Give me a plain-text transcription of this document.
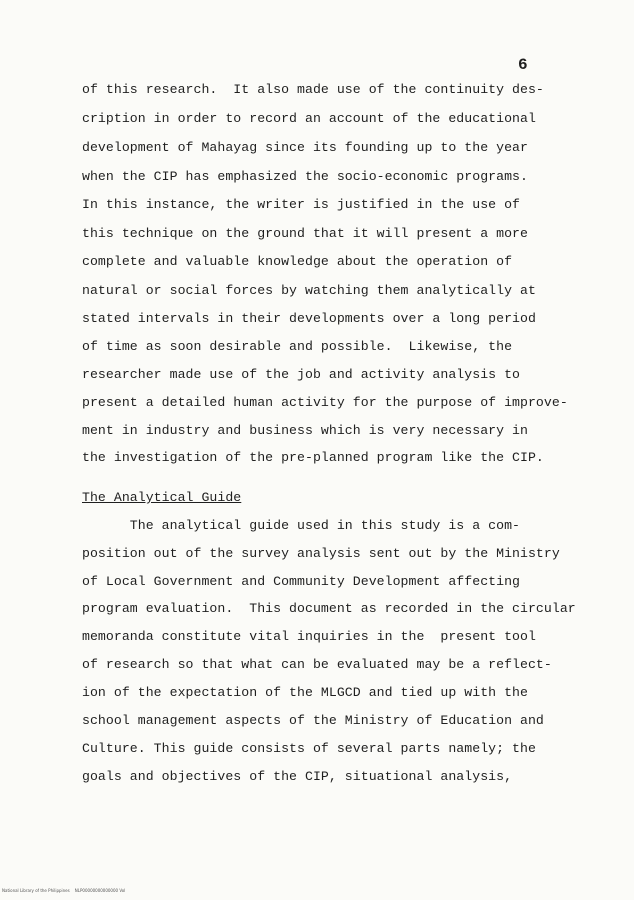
6
of this research.  It also made use of the continuity des-
cription in order to record an account of the educational
development of Mahayag since its founding up to the year
when the CIP has emphasized the socio-economic programs.
In this instance, the writer is justified in the use of
this technique on the ground that it will present a more
complete and valuable knowledge about the operation of
natural or social forces by watching them analytically at
stated intervals in their developments over a long period
of time as soon desirable and possible.  Likewise, the
researcher made use of the job and activity analysis to
present a detailed human activity for the purpose of improve-
ment in industry and business which is very necessary in
the investigation of the pre-planned program like the CIP.
The Analytical Guide
The analytical guide used in this study is a com-
position out of the survey analysis sent out by the Ministry
of Local Government and Community Development affecting
program evaluation.  This document as recorded in the circular
memoranda constitute vital inquiries in the  present tool
of research so that what can be evaluated may be a reflect-
ion of the expectation of the MLGCD and tied up with the
school management aspects of the Ministry of Education and
Culture. This guide consists of several parts namely; the
goals and objectives of the CIP, situational analysis,
National Library of the Philippines    NLP00000000000000 Vol
